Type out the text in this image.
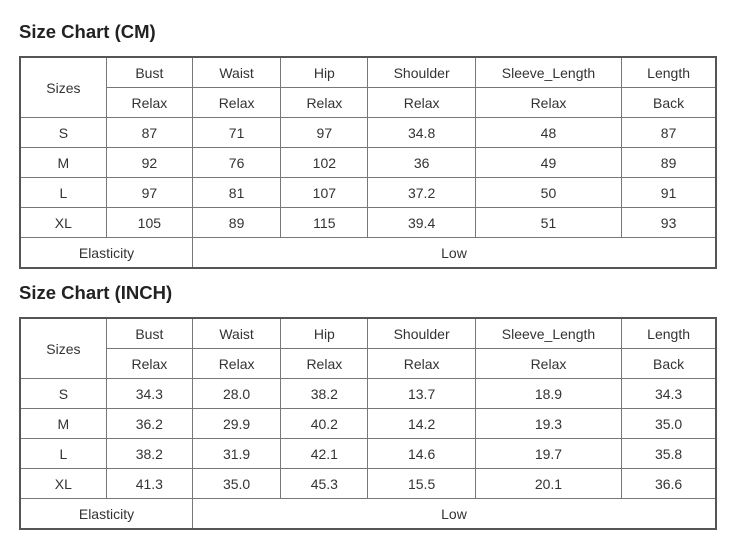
Size Chart (CM)
Sizes	Bust	Waist	Hip	Shoulder	Sleeve_Length	Length
	Relax	Relax	Relax	Relax	Relax	Back
S	87	71	97	34.8	48	87
M	92	76	102	36	49	89
L	97	81	107	37.2	50	91
XL	105	89	115	39.4	51	93
Elasticity		Low				
Size Chart (INCH)
Sizes	Bust	Waist	Hip	Shoulder	Sleeve_Length	Length
	Relax	Relax	Relax	Relax	Relax	Back
S	34.3	28.0	38.2	13.7	18.9	34.3
M	36.2	29.9	40.2	14.2	19.3	35.0
L	38.2	31.9	42.1	14.6	19.7	35.8
XL	41.3	35.0	45.3	15.5	20.1	36.6
Elasticity		Low				
